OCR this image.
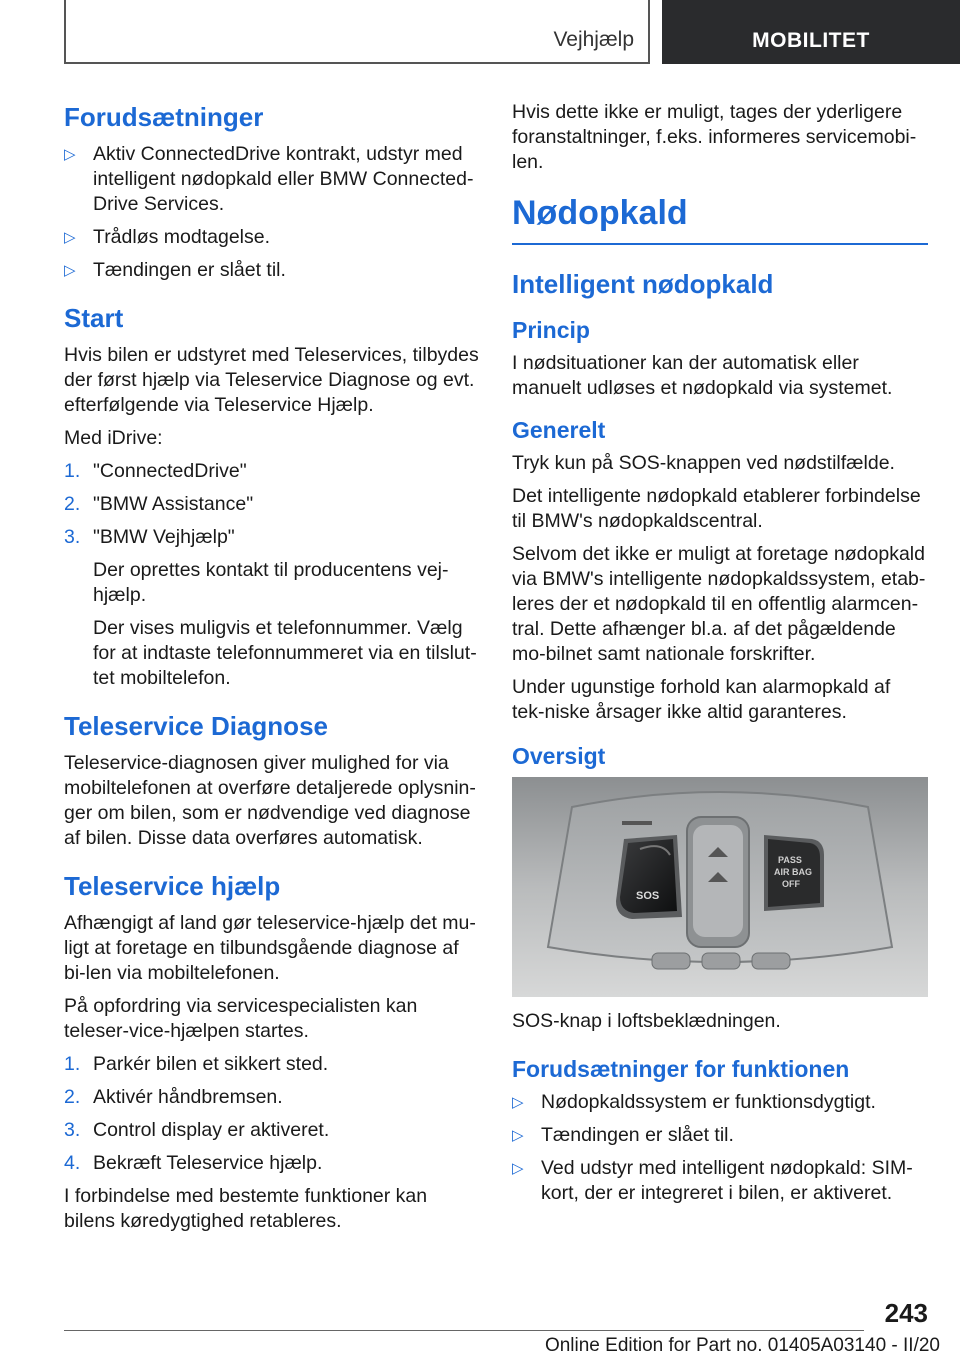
Vejhjælp	MOBILITET
Forudsætninger
▷ Aktiv ConnectedDrive kontrakt, udstyr med intelligent nødopkald eller BMW Connected-Drive Services.
▷ Trådløs modtagelse.
▷ Tændingen er slået til.
Start

Hvis bilen er udstyret med Teleservices, tilbydes der først hjælp via Teleservice Diagnose og evt. efterfølgende via Teleservice Hjælp.

Med iDrive:

1. "ConnectedDrive"
2. "BMW Assistance"
3. "BMW Vejhjælp"
Der oprettes kontakt til producentens vej-hjælp.
Der vises muligvis et telefonnummer. Vælg for at indtaste telefonnummeret via en tilslut-tet mobiltelefon.
Teleservice Diagnose

Teleservice-diagnosen giver mulighed for via mobiltelefonen at overføre detaljerede oplysnin-ger om bilen, som er nødvendige ved diagnose af bilen. Disse data overføres automatisk.

Teleservice hjælp

Afhængigt af land gør teleservice-hjælp det mu-ligt at foretage en tilbundsgående diagnose af bi-len via mobiltelefonen.

På opfordring via servicespecialisten kan teleser-vice-hjælpen startes.

1. Parkér bilen et sikkert sted.
2. Aktivér håndbremsen.
3. Control display er aktiveret.
4. Bekræft Teleservice hjælp.

I forbindelse med bestemte funktioner kan bilens køredygtighed retableres.

Hvis dette ikke er muligt, tages der yderligere foranstaltninger, f.eks. informeres servicemobi-len.

Nødopkald
Intelligent nødopkald
Princip

I nødsituationer kan der automatisk eller manuelt udløses et nødopkald via systemet.

Generelt

Tryk kun på SOS-knappen ved nødstilfælde.

Det intelligente nødopkald etablerer forbindelse til BMW's nødopkaldscentral.

Selvom det ikke er muligt at foretage nødopkald via BMW's intelligente nødopkaldssystem, etab-leres der et nødopkald til en offentlig alarmcen-tral. Dette afhænger bl.a. af det pågældende mo-bilnet samt nationale forskrifter.

Under ugunstige forhold kan alarmopkald af tek-niske årsager ikke altid garanteres.

Oversigt
SOS
PASS
AIR BAG
OFF
SOS-knap i loftsbeklædningen.
Forudsætninger for funktionen
▷ Nødopkaldssystem er funktionsdygtigt.
▷ Tændingen er slået til.
▷ Ved udstyr med intelligent nødopkald: SIM-kort, der er integreret i bilen, er aktiveret.
243
Online Edition for Part no. 01405A03140 - II/20
